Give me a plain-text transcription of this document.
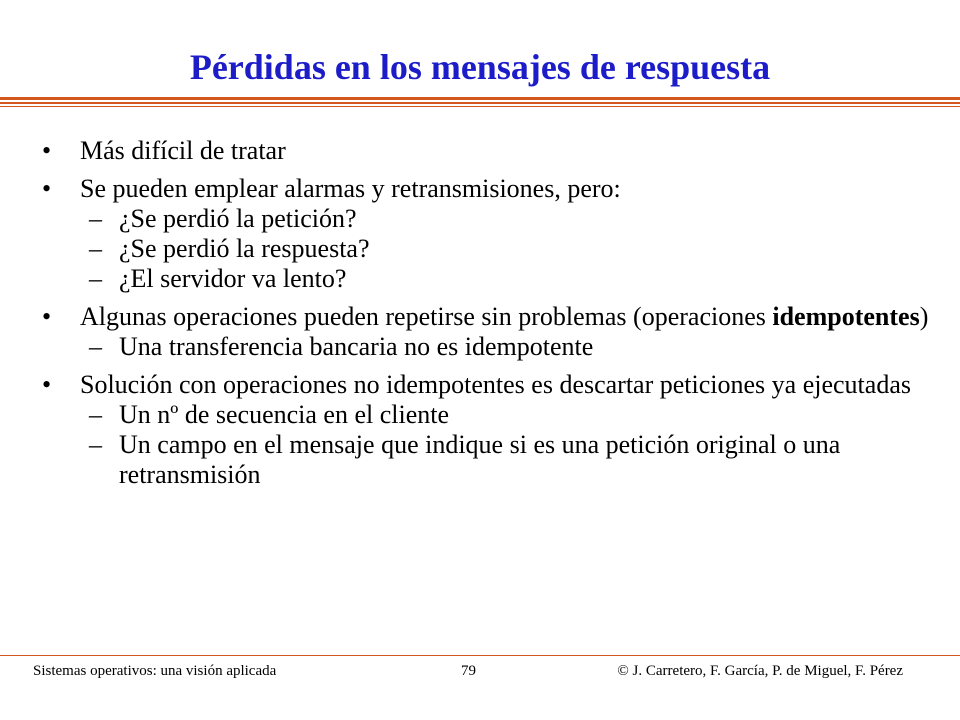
Pérdidas en los mensajes de respuesta
• Más difícil de tratar
• Se pueden emplear alarmas y retransmisiones, pero:
– ¿Se perdió la petición?
– ¿Se perdió la respuesta?
– ¿El servidor va lento?
• Algunas operaciones pueden repetirse sin problemas (operaciones idempotentes)
– Una transferencia bancaria no es idempotente
• Solución con operaciones no idempotentes es descartar peticiones ya ejecutadas
– Un nº de secuencia en el cliente
– Un campo en el mensaje que indique si es una petición original o una retransmisión
Sistemas operativos: una visión aplicada	79	© J. Carretero, F. García, P. de Miguel, F. Pérez
